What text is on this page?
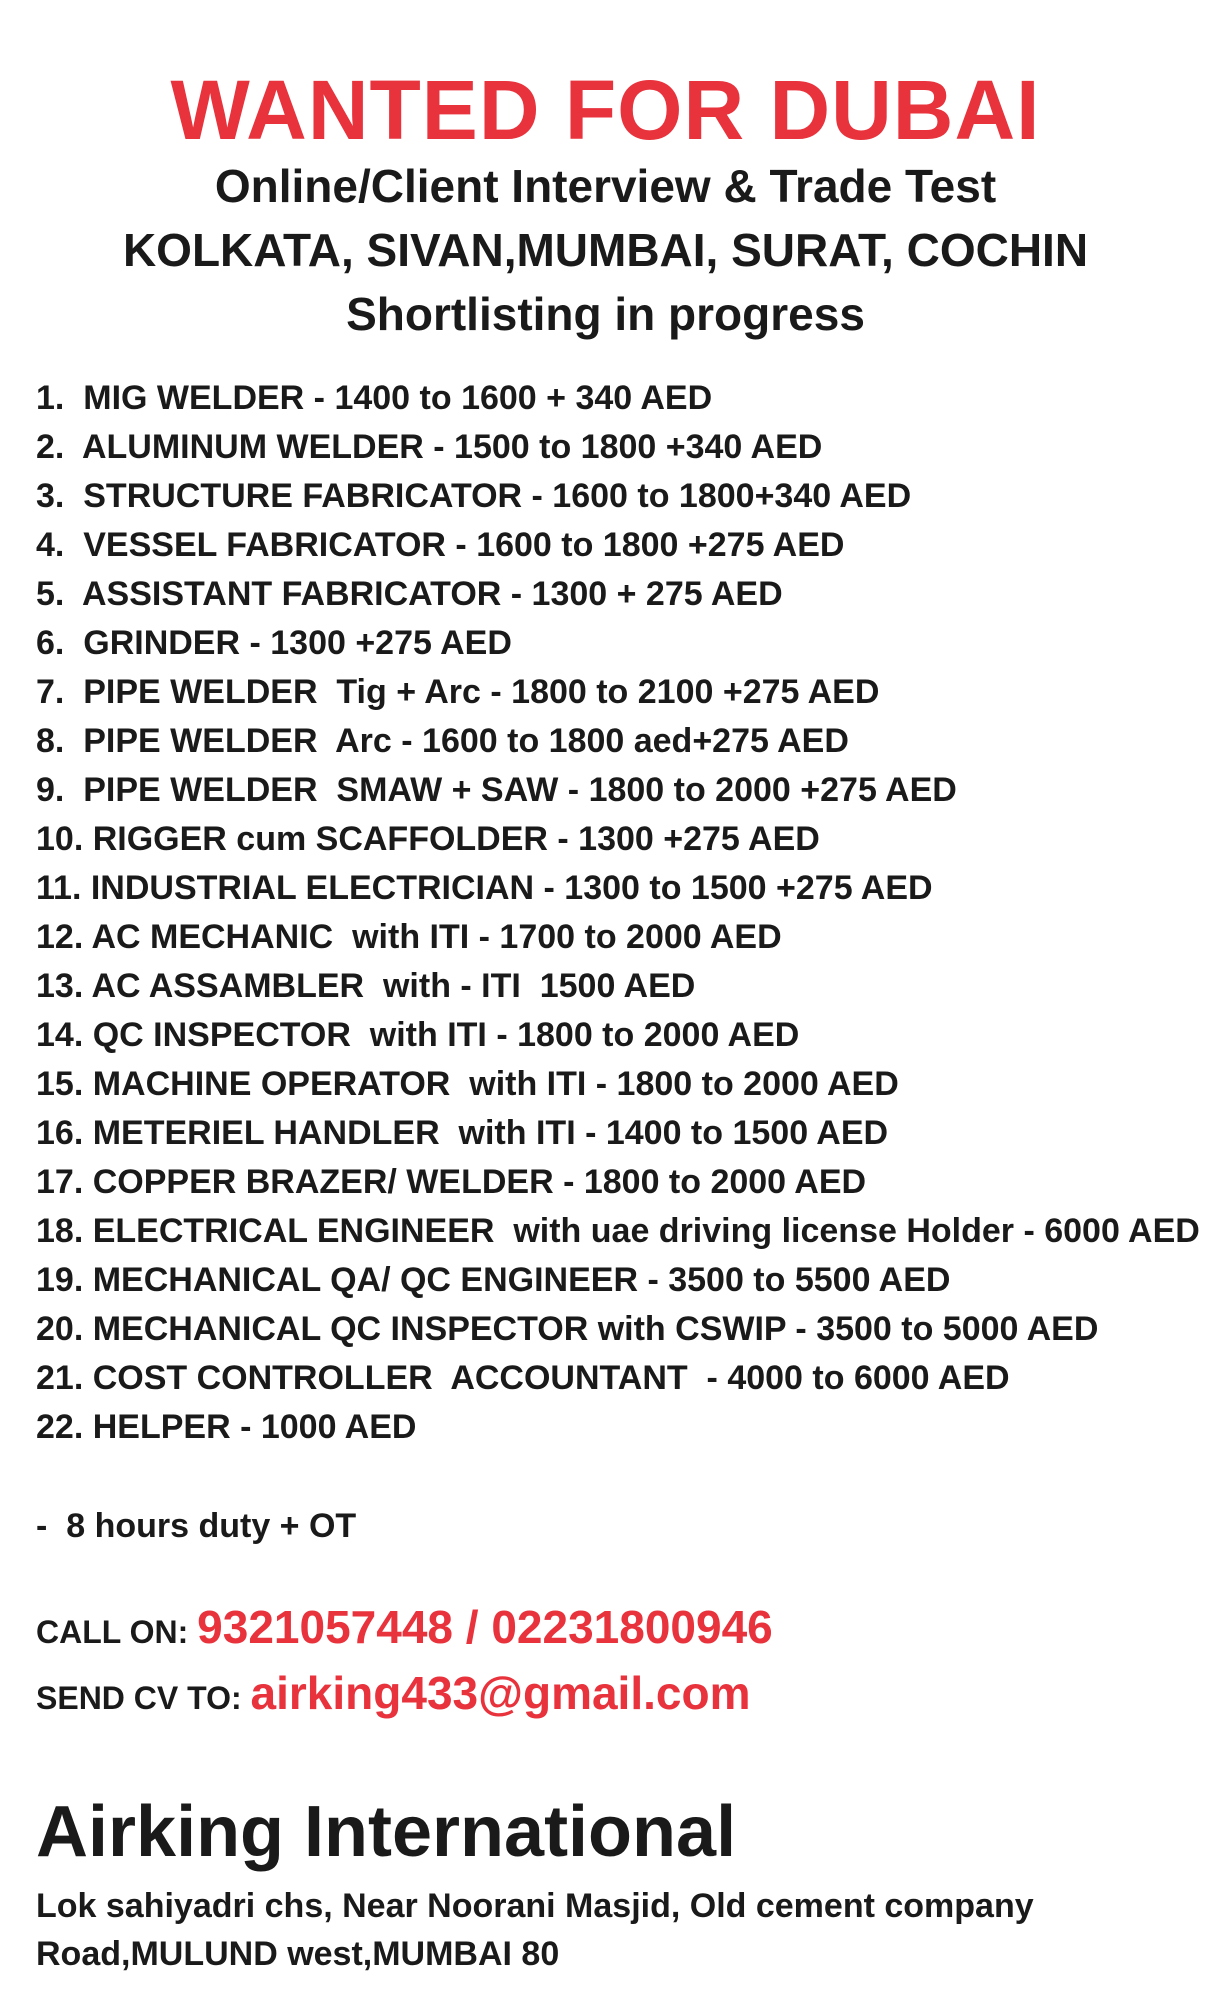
WANTED FOR DUBAI
Online/Client Interview & Trade Test
KOLKATA, SIVAN,MUMBAI, SURAT, COCHIN
Shortlisting in progress
1.  MIG WELDER - 1400 to 1600 + 340 AED
2.  ALUMINUM WELDER - 1500 to 1800 +340 AED
3.  STRUCTURE FABRICATOR - 1600 to 1800+340 AED
4.  VESSEL FABRICATOR - 1600 to 1800 +275 AED
5.  ASSISTANT FABRICATOR - 1300 + 275 AED
6.  GRINDER - 1300 +275 AED
7.  PIPE WELDER  Tig + Arc - 1800 to 2100 +275 AED
8.  PIPE WELDER  Arc - 1600 to 1800 aed+275 AED
9.  PIPE WELDER  SMAW + SAW - 1800 to 2000 +275 AED
10. RIGGER cum SCAFFOLDER - 1300 +275 AED
11. INDUSTRIAL ELECTRICIAN - 1300 to 1500 +275 AED
12. AC MECHANIC  with ITI - 1700 to 2000 AED
13. AC ASSAMBLER  with - ITI  1500 AED
14. QC INSPECTOR  with ITI - 1800 to 2000 AED
15. MACHINE OPERATOR  with ITI - 1800 to 2000 AED
16. METERIEL HANDLER  with ITI - 1400 to 1500 AED
17. COPPER BRAZER/ WELDER - 1800 to 2000 AED
18. ELECTRICAL ENGINEER  with uae driving license Holder - 6000 AED
19. MECHANICAL QA/ QC ENGINEER - 3500 to 5500 AED
20. MECHANICAL QC INSPECTOR with CSWIP - 3500 to 5000 AED
21. COST CONTROLLER  ACCOUNTANT  - 4000 to 6000 AED
22. HELPER - 1000 AED
-  8 hours duty + OT
CALL ON: 9321057448 / 02231800946
SEND CV TO: airking433@gmail.com
Airking International
Lok sahiyadri chs, Near Noorani Masjid, Old cement company
Road,MULUND west,MUMBAI 80
